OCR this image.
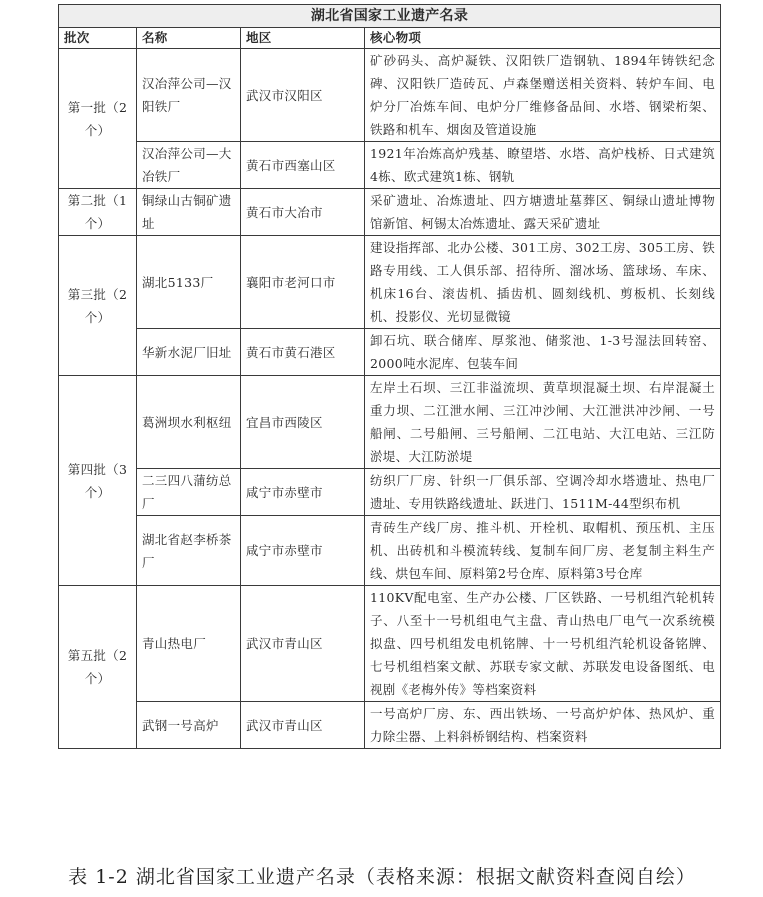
湖北省国家工业遗产名录			
批次	名称	地区	核心物项
第一批（2个）	汉冶萍公司—汉阳铁厂	武汉市汉阳区	矿砂码头、高炉凝铁、汉阳铁厂造钢轨、1894年铸铁纪念碑、汉阳铁厂造砖瓦、卢森堡赠送相关资料、转炉车间、电炉分厂冶炼车间、电炉分厂维修备品间、水塔、钢梁桁架、铁路和机车、烟囱及管道设施
	汉冶萍公司—大冶铁厂	黄石市西塞山区	1921年冶炼高炉残基、瞭望塔、水塔、高炉栈桥、日式建筑4栋、欧式建筑1栋、钢轨
第二批（1个）	铜绿山古铜矿遗址	黄石市大冶市	采矿遗址、冶炼遗址、四方塘遗址墓葬区、铜绿山遗址博物馆新馆、柯锡太冶炼遗址、露天采矿遗址
第三批（2个）	湖北5133厂	襄阳市老河口市	建设指挥部、北办公楼、301工房、302工房、305工房、铁路专用线、工人俱乐部、招待所、溜冰场、篮球场、车床、机床16台、滚齿机、插齿机、圆刻线机、剪板机、长刻线机、投影仪、光切显微镜
	华新水泥厂旧址	黄石市黄石港区	卸石坑、联合储库、厚浆池、储浆池、1-3号湿法回转窑、2000吨水泥库、包装车间
第四批（3个）	葛洲坝水利枢纽	宜昌市西陵区	左岸土石坝、三江非溢流坝、黄草坝混凝土坝、右岸混凝土重力坝、二江泄水闸、三江冲沙闸、大江泄洪冲沙闸、一号船闸、二号船闸、三号船闸、二江电站、大江电站、三江防淤堤、大江防淤堤
	二三四八蒲纺总厂	咸宁市赤壁市	纺织厂厂房、针织一厂俱乐部、空调冷却水塔遗址、热电厂遗址、专用铁路线遗址、跃进门、1511M-44型织布机
	湖北省赵李桥茶厂	咸宁市赤壁市	青砖生产线厂房、推斗机、开栓机、取帽机、预压机、主压机、出砖机和斗模流转线、复制车间厂房、老复制主料生产线、烘包车间、原料第2号仓库、原料第3号仓库
第五批（2个）	青山热电厂	武汉市青山区	110KV配电室、生产办公楼、厂区铁路、一号机组汽轮机转子、八至十一号机组电气主盘、青山热电厂电气一次系统模拟盘、四号机组发电机铭牌、十一号机组汽轮机设备铭牌、七号机组档案文献、苏联专家文献、苏联发电设备图纸、电视剧《老梅外传》等档案资料
	武钢一号高炉	武汉市青山区	一号高炉厂房、东、西出铁场、一号高炉炉体、热风炉、重力除尘器、上料斜桥钢结构、档案资料
表 1-2 湖北省国家工业遗产名录（表格来源：根据文献资料查阅自绘）
